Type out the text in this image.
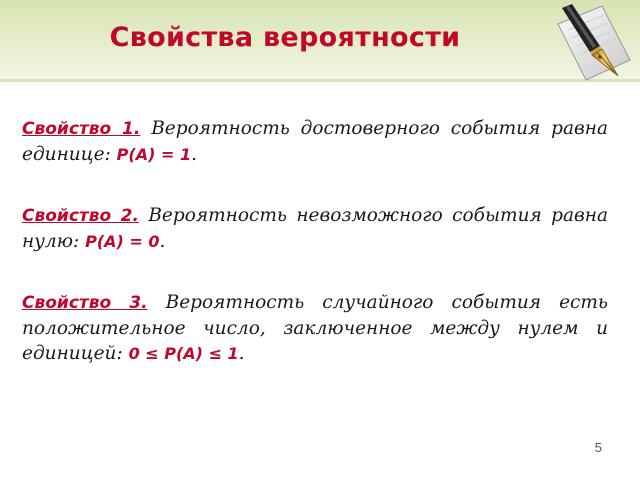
Свойства вероятности
Свойство 1. Вероятность достоверного события равна единице: P(A) = 1.
Свойство 2. Вероятность невозможного события равна нулю: P(A) = 0.
Свойство 3. Вероятность случайного события есть положительное число, заключенное между нулем и единицей: 0 ≤ P(A) ≤ 1.
5
